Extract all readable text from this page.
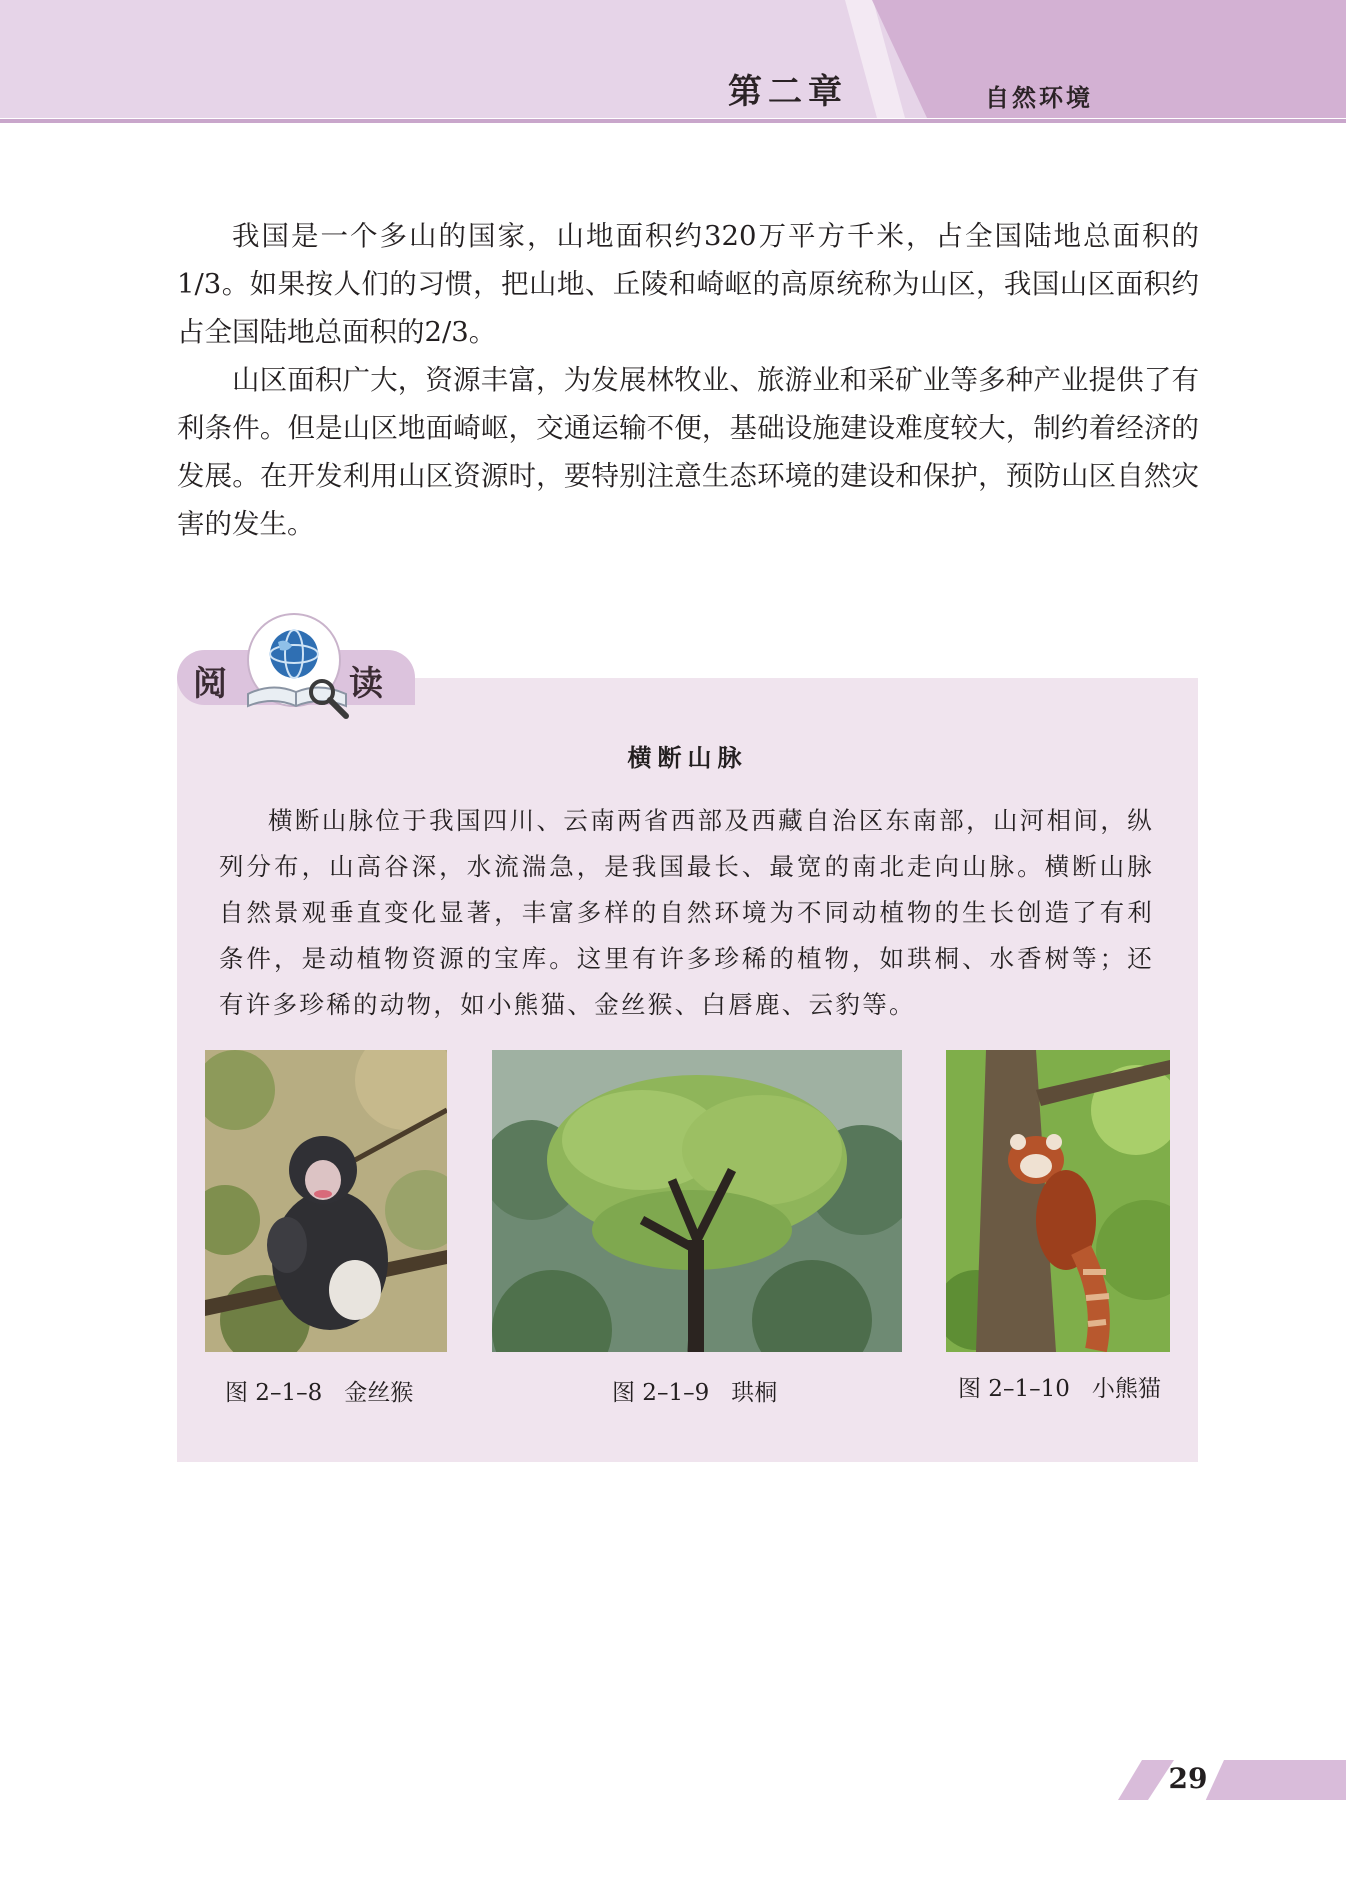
第二章	自然环境

我国是一个多山的国家，山地面积约320万平方千米，占全国陆地总面积的1/3。如果按人们的习惯，把山地、丘陵和崎岖的高原统称为山区，我国山区面积约占全国陆地总面积的2/3。

山区面积广大，资源丰富，为发展林牧业、旅游业和采矿业等多种产业提供了有利条件。但是山区地面崎岖，交通运输不便，基础设施建设难度较大，制约着经济的发展。在开发利用山区资源时，要特别注意生态环境的建设和保护，预防山区自然灾害的发生。

阅	读
横断山脉

横断山脉位于我国四川、云南两省西部及西藏自治区东南部，山河相间，纵列分布，山高谷深，水流湍急，是我国最长、最宽的南北走向山脉。横断山脉自然景观垂直变化显著，丰富多样的自然环境为不同动植物的生长创造了有利条件，是动植物资源的宝库。这里有许多珍稀的植物，如珙桐、水香树等；还有许多珍稀的动物，如小熊猫、金丝猴、白唇鹿、云豹等。

图 2–1–8 金丝猴	图 2–1–9 珙桐	图 2–1–10 小熊猫
29
